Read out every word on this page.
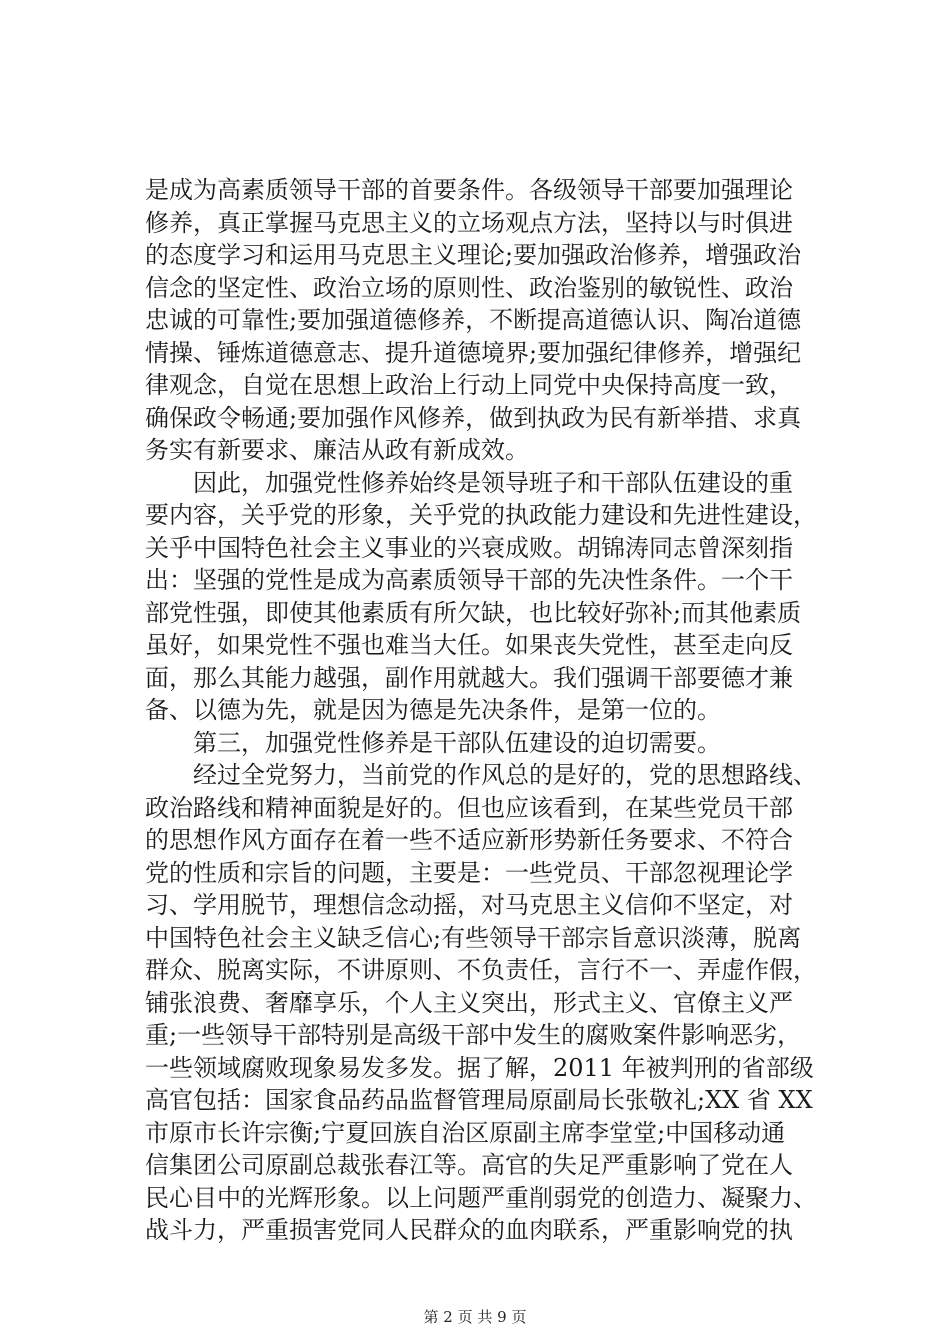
是成为高素质领导干部的首要条件。各级领导干部要加强理论
修养，真正掌握马克思主义的立场观点方法，坚持以与时俱进
的态度学习和运用马克思主义理论;要加强政治修养，增强政治
信念的坚定性、政治立场的原则性、政治鉴别的敏锐性、政治
忠诚的可靠性;要加强道德修养，不断提高道德认识、陶冶道德
情操、锤炼道德意志、提升道德境界;要加强纪律修养，增强纪
律观念，自觉在思想上政治上行动上同党中央保持高度一致，
确保政令畅通;要加强作风修养，做到执政为民有新举措、求真
务实有新要求、廉洁从政有新成效。
　　因此，加强党性修养始终是领导班子和干部队伍建设的重
要内容，关乎党的形象，关乎党的执政能力建设和先进性建设，
关乎中国特色社会主义事业的兴衰成败。胡锦涛同志曾深刻指
出：坚强的党性是成为高素质领导干部的先决性条件。一个干
部党性强，即使其他素质有所欠缺，也比较好弥补;而其他素质
虽好，如果党性不强也难当大任。如果丧失党性，甚至走向反
面，那么其能力越强，副作用就越大。我们强调干部要德才兼
备、以德为先，就是因为德是先决条件，是第一位的。
　　第三，加强党性修养是干部队伍建设的迫切需要。
　　经过全党努力，当前党的作风总的是好的，党的思想路线、
政治路线和精神面貌是好的。但也应该看到，在某些党员干部
的思想作风方面存在着一些不适应新形势新任务要求、不符合
党的性质和宗旨的问题，主要是：一些党员、干部忽视理论学
习、学用脱节，理想信念动摇，对马克思主义信仰不坚定，对
中国特色社会主义缺乏信心;有些领导干部宗旨意识淡薄，脱离
群众、脱离实际，不讲原则、不负责任，言行不一、弄虚作假，
铺张浪费、奢靡享乐，个人主义突出，形式主义、官僚主义严
重;一些领导干部特别是高级干部中发生的腐败案件影响恶劣，
一些领域腐败现象易发多发。据了解，2011 年被判刑的省部级
高官包括：国家食品药品监督管理局原副局长张敬礼;XX 省 XX
市原市长许宗衡;宁夏回族自治区原副主席李堂堂;中国移动通
信集团公司原副总裁张春江等。高官的失足严重影响了党在人
民心目中的光辉形象。以上问题严重削弱党的创造力、凝聚力、
战斗力，严重损害党同人民群众的血肉联系，严重影响党的执
第 2 页 共 9 页
